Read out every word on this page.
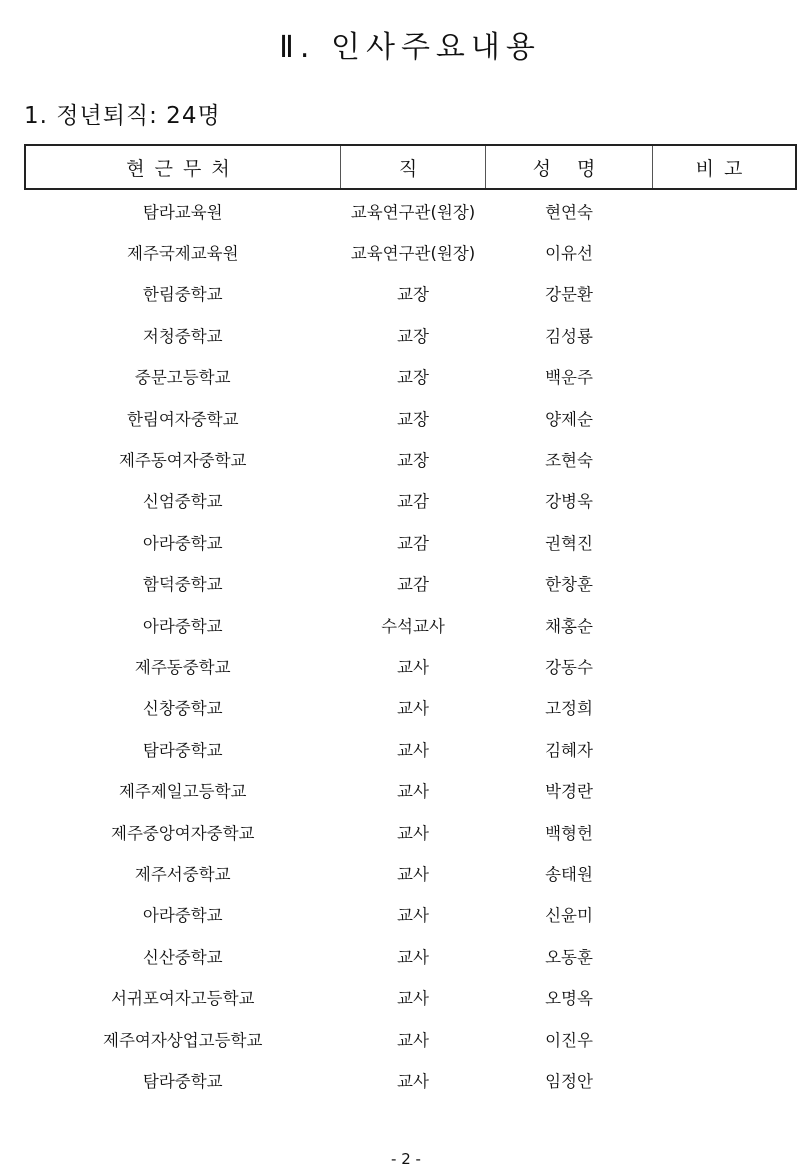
Ⅱ. 인사주요내용
1. 정년퇴직: 24명
현근무처	직	성 명	비고
탐라교육원	교육연구관(원장)	현연숙	
제주국제교육원	교육연구관(원장)	이유선	
한림중학교	교장	강문환	
저청중학교	교장	김성룡	
중문고등학교	교장	백운주	
한림여자중학교	교장	양제순	
제주동여자중학교	교장	조현숙	
신엄중학교	교감	강병욱	
아라중학교	교감	권혁진	
함덕중학교	교감	한창훈	
아라중학교	수석교사	채홍순	
제주동중학교	교사	강동수	
신창중학교	교사	고정희	
탐라중학교	교사	김혜자	
제주제일고등학교	교사	박경란	
제주중앙여자중학교	교사	백형헌	
제주서중학교	교사	송태원	
아라중학교	교사	신윤미	
신산중학교	교사	오동훈	
서귀포여자고등학교	교사	오명옥	
제주여자상업고등학교	교사	이진우	
탐라중학교	교사	임정안	
- 2 -
